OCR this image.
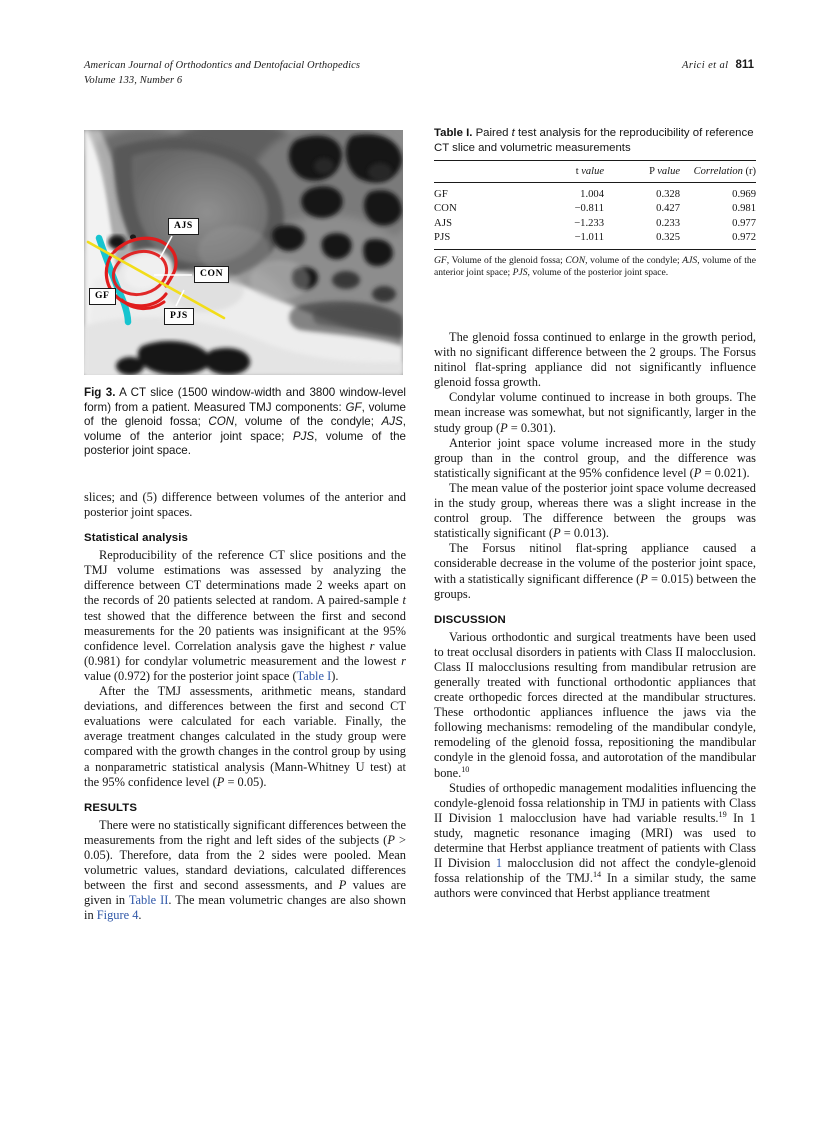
American Journal of Orthodontics and Dentofacial Orthopedics
Volume 133, Number 6
Arici et al 811
AJS
CON
GF
PJS
Fig 3. A CT slice (1500 window-width and 3800 window-level form) from a patient. Measured TMJ components: GF, volume of the glenoid fossa; CON, volume of the condyle; AJS, volume of the anterior joint space; PJS, volume of the posterior joint space.

slices; and (5) difference between volumes of the anterior and posterior joint spaces.

Statistical analysis

Reproducibility of the reference CT slice positions and the TMJ volume estimations was assessed by analyzing the difference between CT determinations made 2 weeks apart on the records of 20 patients selected at random. A paired-sample t test showed that the difference between the first and second measurements for the 20 patients was insignificant at the 95% confidence level. Correlation analysis gave the highest r value (0.981) for condylar volumetric measurement and the lowest r value (0.972) for the posterior joint space (Table I).

After the TMJ assessments, arithmetic means, standard deviations, and differences between the first and second CT evaluations were calculated for each variable. Finally, the average treatment changes calculated in the study group were compared with the growth changes in the control group by using a nonparametric statistical analysis (Mann-Whitney U test) at the 95% confidence level (P = 0.05).

RESULTS

There were no statistically significant differences between the measurements from the right and left sides of the subjects (P > 0.05). Therefore, data from the 2 sides were pooled. Mean volumetric values, standard deviations, calculated differences between the first and second assessments, and P values are given in Table II. The mean volumetric changes are also shown in Figure 4.

Table I. Paired t test analysis for the reproducibility of reference CT slice and volumetric measurements
	t value	P value	Correlation (r)
GF	1.004	0.328	0.969
CON	−0.811	0.427	0.981
AJS	−1.233	0.233	0.977
PJS	−1.011	0.325	0.972
GF, Volume of the glenoid fossa; CON, volume of the condyle; AJS, volume of the anterior joint space; PJS, volume of the posterior joint space.

The glenoid fossa continued to enlarge in the growth period, with no significant difference between the 2 groups. The Forsus nitinol flat-spring appliance did not significantly influence glenoid fossa growth.

Condylar volume continued to increase in both groups. The mean increase was somewhat, but not significantly, larger in the study group (P = 0.301).

Anterior joint space volume increased more in the study group than in the control group, and the difference was statistically significant at the 95% confidence level (P = 0.021).

The mean value of the posterior joint space volume decreased in the study group, whereas there was a slight increase in the control group. The difference between the groups was statistically significant (P = 0.013).

The Forsus nitinol flat-spring appliance caused a considerable decrease in the volume of the posterior joint space, with a statistically significant difference (P = 0.015) between the groups.

DISCUSSION

Various orthodontic and surgical treatments have been used to treat occlusal disorders in patients with Class II malocclusion. Class II malocclusions resulting from mandibular retrusion are generally treated with functional orthodontic appliances that create orthopedic forces directed at the mandibular structures. These orthodontic appliances influence the jaws via the following mechanisms: remodeling of the mandibular condyle, remodeling of the glenoid fossa, repositioning the mandibular condyle in the glenoid fossa, and autorotation of the mandibular bone.$^{10}$

Studies of orthopedic management modalities influencing the condyle-glenoid fossa relationship in TMJ in patients with Class II Division 1 malocclusion have had variable results.$^{19}$ In 1 study, magnetic resonance imaging (MRI) was used to determine that Herbst appliance treatment of patients with Class II Division 1 malocclusion did not affect the condyle-glenoid fossa relationship of the TMJ.$^{14}$ In a similar study, the same authors were convinced that Herbst appliance treatment
